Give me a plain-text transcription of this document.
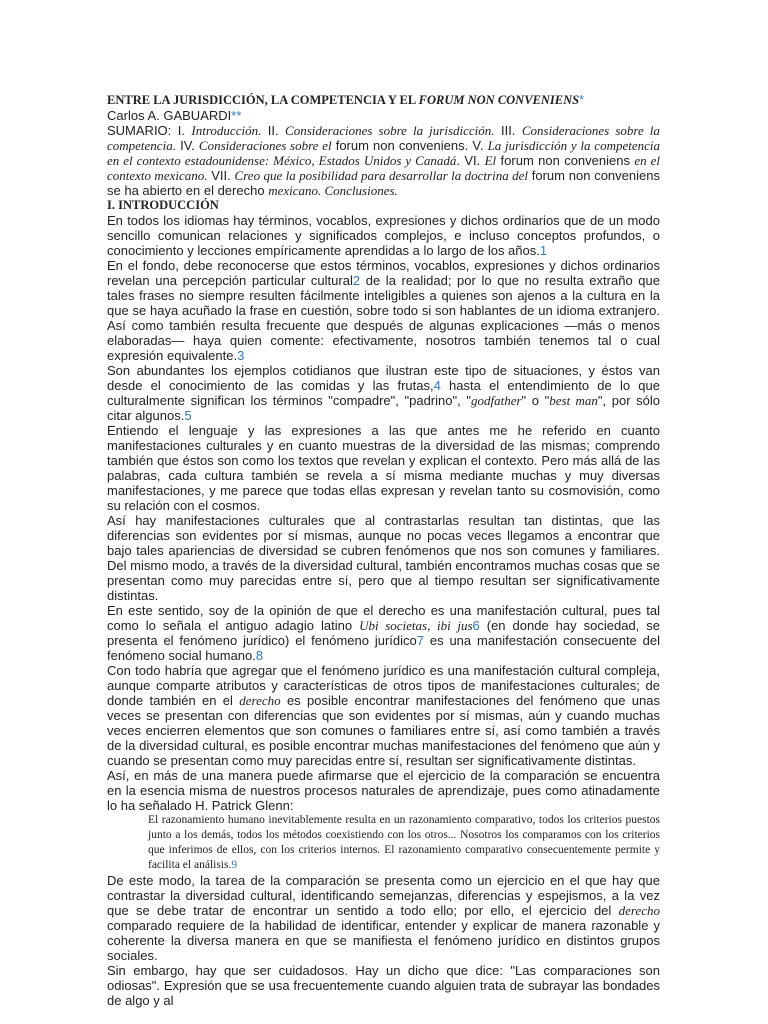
ENTRE LA JURISDICCIÓN, LA COMPETENCIA Y EL FORUM NON CONVENIENS*
Carlos A. GABUARDI**

SUMARIO: I. Introducción. II. Consideraciones sobre la jurisdicción. III. Consideraciones sobre la competencia. IV. Consideraciones sobre el forum non conveniens. V. La jurisdicción y la competencia en el contexto estadounidense: México, Estados Unidos y Canadá. VI. El forum non conveniens en el contexto mexicano. VII. Creo que la posibilidad para desarrollar la doctrina del forum non conveniens se ha abierto en el derecho mexicano. Conclusiones.

I. INTRODUCCIÓN

En todos los idiomas hay términos, vocablos, expresiones y dichos ordinarios que de un modo sencillo comunican relaciones y significados complejos, e incluso conceptos profundos, o conocimiento y lecciones empíricamente aprendidas a lo largo de los años.1

En el fondo, debe reconocerse que estos términos, vocablos, expresiones y dichos ordinarios revelan una percepción particular cultural2 de la realidad; por lo que no resulta extraño que tales frases no siempre resulten fácilmente inteligibles a quienes son ajenos a la cultura en la que se haya acuñado la frase en cuestión, sobre todo si son hablantes de un idioma extranjero. Así como también resulta frecuente que después de algunas explicaciones —más o menos elaboradas— haya quien comente: efectivamente, nosotros también tenemos tal o cual expresión equivalente.3

Son abundantes los ejemplos cotidianos que ilustran este tipo de situaciones, y éstos van desde el conocimiento de las comidas y las frutas,4 hasta el entendimiento de lo que culturalmente significan los términos "compadre", "padrino", "godfather" o "best man", por sólo citar algunos.5

Entiendo el lenguaje y las expresiones a las que antes me he referido en cuanto manifestaciones culturales y en cuanto muestras de la diversidad de las mismas; comprendo también que éstos son como los textos que revelan y explican el contexto. Pero más allá de las palabras, cada cultura también se revela a sí misma mediante muchas y muy diversas manifestaciones, y me parece que todas ellas expresan y revelan tanto su cosmovisión, como su relación con el cosmos.

Así hay manifestaciones culturales que al contrastarlas resultan tan distintas, que las diferencias son evidentes por sí mismas, aunque no pocas veces llegamos a encontrar que bajo tales apariencias de diversidad se cubren fenómenos que nos son comunes y familiares. Del mismo modo, a través de la diversidad cultural, también encontramos muchas cosas que se presentan como muy parecidas entre sí, pero que al tiempo resultan ser significativamente distintas.

En este sentido, soy de la opinión de que el derecho es una manifestación cultural, pues tal como lo señala el antiguo adagio latino Ubi societas, ibi jus6 (en donde hay sociedad, se presenta el fenómeno jurídico) el fenómeno jurídico7 es una manifestación consecuente del fenómeno social humano.8

Con todo habría que agregar que el fenómeno jurídico es una manifestación cultural compleja, aunque comparte atributos y características de otros tipos de manifestaciones culturales; de donde también en el derecho es posible encontrar manifestaciones del fenómeno que unas veces se presentan con diferencias que son evidentes por sí mismas, aún y cuando muchas veces encierren elementos que son comunes o familiares entre sí, así como también a través de la diversidad cultural, es posible encontrar muchas manifestaciones del fenómeno que aún y cuando se presentan como muy parecidas entre sí, resultan ser significativamente distintas.

Así, en más de una manera puede afirmarse que el ejercicio de la comparación se encuentra en la esencia misma de nuestros procesos naturales de aprendizaje, pues como atinadamente lo ha señalado H. Patrick Glenn:

El razonamiento humano inevitablemente resulta en un razonamiento comparativo, todos los criterios puestos junto a los demás, todos los métodos coexistiendo con los otros... Nosotros los comparamos con los criterios que inferimos de ellos, con los criterios internos. El razonamiento comparativo consecuentemente permite y facilita el análisis.9

De este modo, la tarea de la comparación se presenta como un ejercicio en el que hay que contrastar la diversidad cultural, identificando semejanzas, diferencias y espejismos, a la vez que se debe tratar de encontrar un sentido a todo ello; por ello, el ejercicio del derecho comparado requiere de la habilidad de identificar, entender y explicar de manera razonable y coherente la diversa manera en que se manifiesta el fenómeno jurídico en distintos grupos sociales.

Sin embargo, hay que ser cuidadosos. Hay un dicho que dice: "Las comparaciones son odiosas". Expresión que se usa frecuentemente cuando alguien trata de subrayar las bondades de algo y al
